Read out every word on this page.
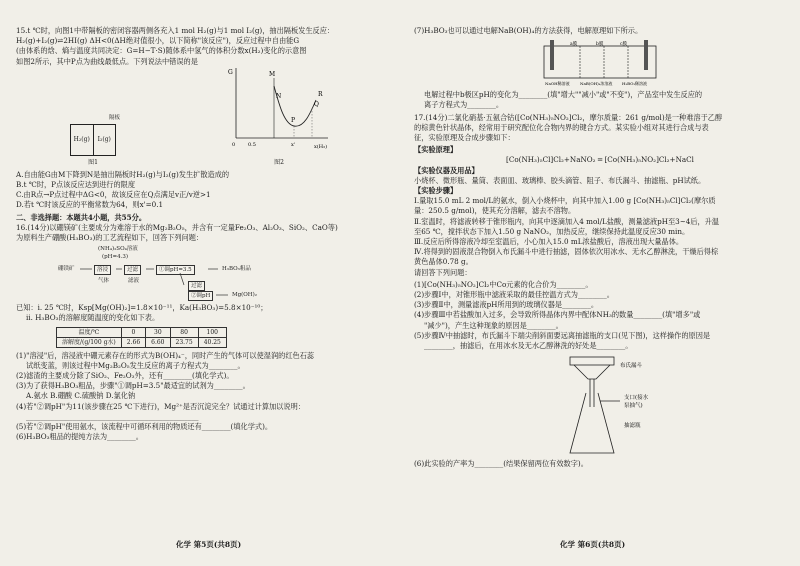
15.t ℃时，向图1中带隔板的密闭容器两侧各充入1 mol H₂(g)与1 mol I₂(g)，抽出隔板发生反应：

H₂(g)+I₂(g)⇌2HI(g) ΔH<0(ΔH绝对值很小，以下简称"该反应")，反应过程中自由能G

(由体系的焓、熵与温度共同决定：G=H−T·S)随体系中氢气的体积分数x(H₂)变化的示意图

如图2所示，其中P点为曲线最低点。下列说法中错误的是

隔板
H₂(g)	I₂(g)
图1
G
x(H₂)
0.5	x'
0
M
N
P
Q
R
图2

A.自由能G由M下降到N是抽出隔板时H₂(g)与I₂(g)发生扩散造成的

B.t ℃时，P点该反应达到进行的限度

C.由R点→P点过程中ΔG<0，故该反应在Q点满足v正/v逆>1

D.若t ℃时该反应的平衡常数为64，则x'=0.1

二、非选择题：本题共4小题，共55分。

16.(14分)以硼镁矿(主要成分为难溶于水的Mg₂B₂O₅，并含有一定量Fe₂O₃、Al₂O₃、SiO₂、CaO等)

为原料生产硼酸(H₃BO₃)的工艺流程如下，回答下列问题：

(NH₄)₂SO₄溶液
(pH=4.3)
硼镁矿	溶浸	过滤	①调pH=3.5	H₃BO₃粗品
气体	滤液
过滤
②调pH	Mg(OH)₂

已知：i. 25 ℃时，Ksp[Mg(OH)₂]=1.8×10⁻¹¹，Ka(H₃BO₃)=5.8×10⁻¹⁰；

ii. H₃BO₃的溶解度随温度的变化如下表。

温度/℃	0	30	80	100
溶解度/(g/100 g水)	2.66	6.60	23.75	40.25

(1)"溶浸"后，溶浸液中硼元素存在的形式为B(OH)₄⁻，同时产生的气体可以使湿润的红色石蕊

试纸变蓝，则该过程中Mg₂B₂O₅发生反应的离子方程式为________。

(2)滤渣的主要成分除了SiO₂、Fe₂O₃外，还有________(填化学式)。

(3)为了获得H₃BO₃粗品，步骤"①调pH=3.5"最适宜的试剂为________。

A.氨水 B.硼酸 C.硫酸钠 D.氯化钠

(4)若"②调pH"为11(该步骤在25 ℃下进行)，Mg²⁺是否沉淀完全？试通过计算加以说明：

________________________________________________

(5)若"②调pH"使用氨水，该流程中可循环利用的物质还有________(填化学式)。

(6)H₃BO₃粗品的提纯方法为________。

化学 第5页(共8页)

(7)H₃BO₃也可以通过电解NaB(OH)₄的方法获得，电解原理如下所示。

a膜	b膜	c膜
NaOH稀溶液	NaB(OH)₄浓溶液 H₃BO₃稀溶液

电解过程中b极区pH的变化为________(填"增大""减小"或"不变")，产品室中发生反应的

离子方程式为________。

17.(14分)二氯化硝基·五氨合钴([Co(NH₃)₅NO₂]Cl₂，摩尔质量：261 g/mol)是一种难溶于乙醇

的棕黄色针状晶体，经常用于研究配位化合物内界的键合方式。某实验小组对其进行合成与表

征，实验原理及合成步骤如下：

【实验原理】

[Co(NH₃)₅Cl]Cl₂+NaNO₂ ═ [Co(NH₃)₅NO₂]Cl₂+NaCl

【实验仪器及用品】

小烧杯、微形瓶、量筒、表面皿、玻璃棒、胶头滴管、阻子、布氏漏斗、抽滤瓶、pH试纸。

【实验步骤】

Ⅰ.量取15.0 mL 2 mol/L的氨水，倒入小烧杯中，向其中加入1.00 g [Co(NH₃)₅Cl]Cl₂(摩尔质

量：250.5 g/mol)，使其充分溶解，滤去不溶物。

Ⅱ.室温时，将滤液转移于锥形瓶内，向其中逐滴加入4 mol/L盐酸，测量滤液pH至3~4后，升温

至65 ℃，搅拌状态下加入1.50 g NaNO₂，加热反应，继续保持此温度反应30 min。

Ⅲ.反应后所得溶液冷却至室温后，小心加入15.0 mL浓盐酸后，溶液出现大量晶体。

Ⅳ.将得到的固液混合物倒入布氏漏斗中进行抽滤，固体依次用冰水、无水乙醇淋洗，干燥后得棕

黄色晶体0.78 g。

请回答下列问题：

(1)[Co(NH₃)₅NO₂]Cl₂中Co元素的化合价为________。

(2)步骤Ⅰ中，对锥形瓶中滤液采取的最佳控温方式为________。

(3)步骤Ⅱ中，测量滤液pH所用到的玻璃仪器是________。

(4)步骤Ⅲ中若盐酸加入过多，会导致所得晶体内界中配体NH₃的数量________(填"增多"或

"减少")，产生这种现象的原因是________。

(5)步骤Ⅳ中抽滤时，布氏漏斗下端尖削斜面要远离抽滤瓶的支口(见下图)，这样操作的原因是

________，抽滤后，在用冰水及无水乙醇淋洗的好处是________。

布氏漏斗
支口(接水
泵抽气)
抽滤瓶

(6)此实验的产率为________(结果保留两位有效数字)。

化学 第6页(共8页)
